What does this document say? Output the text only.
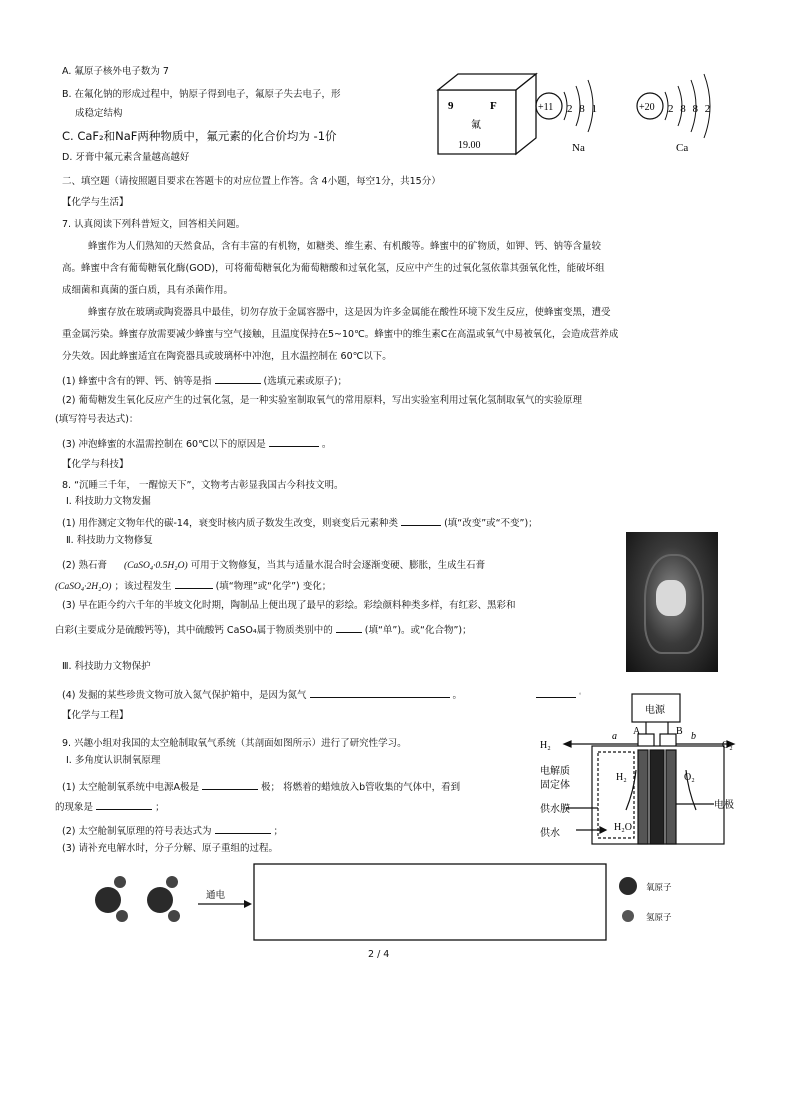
A. 氟原子核外电子数为 7
B. 在氟化钠的形成过程中，钠原子得到电子，氟原子失去电子，形
成稳定结构
C. CaF₂和NaF两种物质中，氟元素的化合价均为 -1价
D. 牙膏中氟元素含量越高越好
9	F
氟
19.00
+11 2 8 1
Na
+20 2 8 8 2
Ca
二、填空题（请按照题目要求在答题卡的对应位置上作答。含 4小题，每空1分，共15分）
【化学与生活】
7. 认真阅读下列科普短文，回答相关问题。
蜂蜜作为人们熟知的天然食品，含有丰富的有机物，如糖类、维生素、有机酸等。蜂蜜中的矿物质，如钾、钙、钠等含量较
高。蜂蜜中含有葡萄糖氧化酶(GOD)，可将葡萄糖氧化为葡萄糖酸和过氧化氢，反应中产生的过氧化氢依靠其强氧化性，能破坏组
成细菌和真菌的蛋白质，具有杀菌作用。
蜂蜜存放在玻璃或陶瓷器具中最佳，切勿存放于金属容器中，这是因为许多金属能在酸性环境下发生反应，使蜂蜜变黑，遭受
重金属污染。蜂蜜存放需要减少蜂蜜与空气接触，且温度保持在5~10℃。蜂蜜中的维生素C在高温或氧气中易被氧化，会造成营养成
分失效。因此蜂蜜适宜在陶瓷器具或玻璃杯中冲泡，且水温控制在 60℃以下。
(1) 蜂蜜中含有的钾、钙、钠等是指	(选填元素或原子)；
(2) 葡萄糖发生氧化反应产生的过氧化氢，是一种实验室制取氧气的常用原料，写出实验室利用过氧化氢制取氧气的实验原理
(填写符号表达式)：
(3) 冲泡蜂蜜的水温需控制在 60℃以下的原因是	。
【化学与科技】
8. “沉睡三千年， 一醒惊天下”，文物考古彰显我国古今科技文明。
Ⅰ. 科技助力文物发掘
(1) 用作测定文物年代的碳-14，衰变时核内质子数发生改变，则衰变后元素种类	(填“改变”或“不变”)；
Ⅱ. 科技助力文物修复
(2) 熟石膏 (CaSO₄·0.5H₂O) 可用于文物修复，当其与适量水混合时会逐渐变硬、膨胀，生成生石膏
(CaSO₄·2H₂O) ；该过程发生	(填“物理”或“化学”) 变化；
(3) 早在距今约六千年的半坡文化时期，陶制品上便出现了最早的彩绘。彩绘颜料种类多样，有红彩、黑彩和
白彩(主要成分是硫酸钙等)，其中硫酸钙 CaSO₄属于物质类别中的	(填“单”)。或“化合物”)；
Ⅲ. 科技助力文物保护
(4) 发掘的某些珍贵文物可放入氮气保护箱中，是因为氮气	。	。
【化学与工程】
9. 兴趣小组对我国的太空舱制取氧气系统（其剖面如图所示）进行了研究性学习。
Ⅰ. 多角度认识制氧原理
(1) 太空舱制氧系统中电源A极是	极； 将燃着的蜡烛放入b管收集的气体中，看到
的现象是	；
(2) 太空舱制氧原理的符号表达式为	；
(3) 请补充电解水时，分子分解、原子重组的过程。
电源
a A	B b
H₂	O₂
H₂	O₂
电解质
固定体
供水膜
供水
H₂O
电极
通电
氧原子
氢原子
2 / 4
